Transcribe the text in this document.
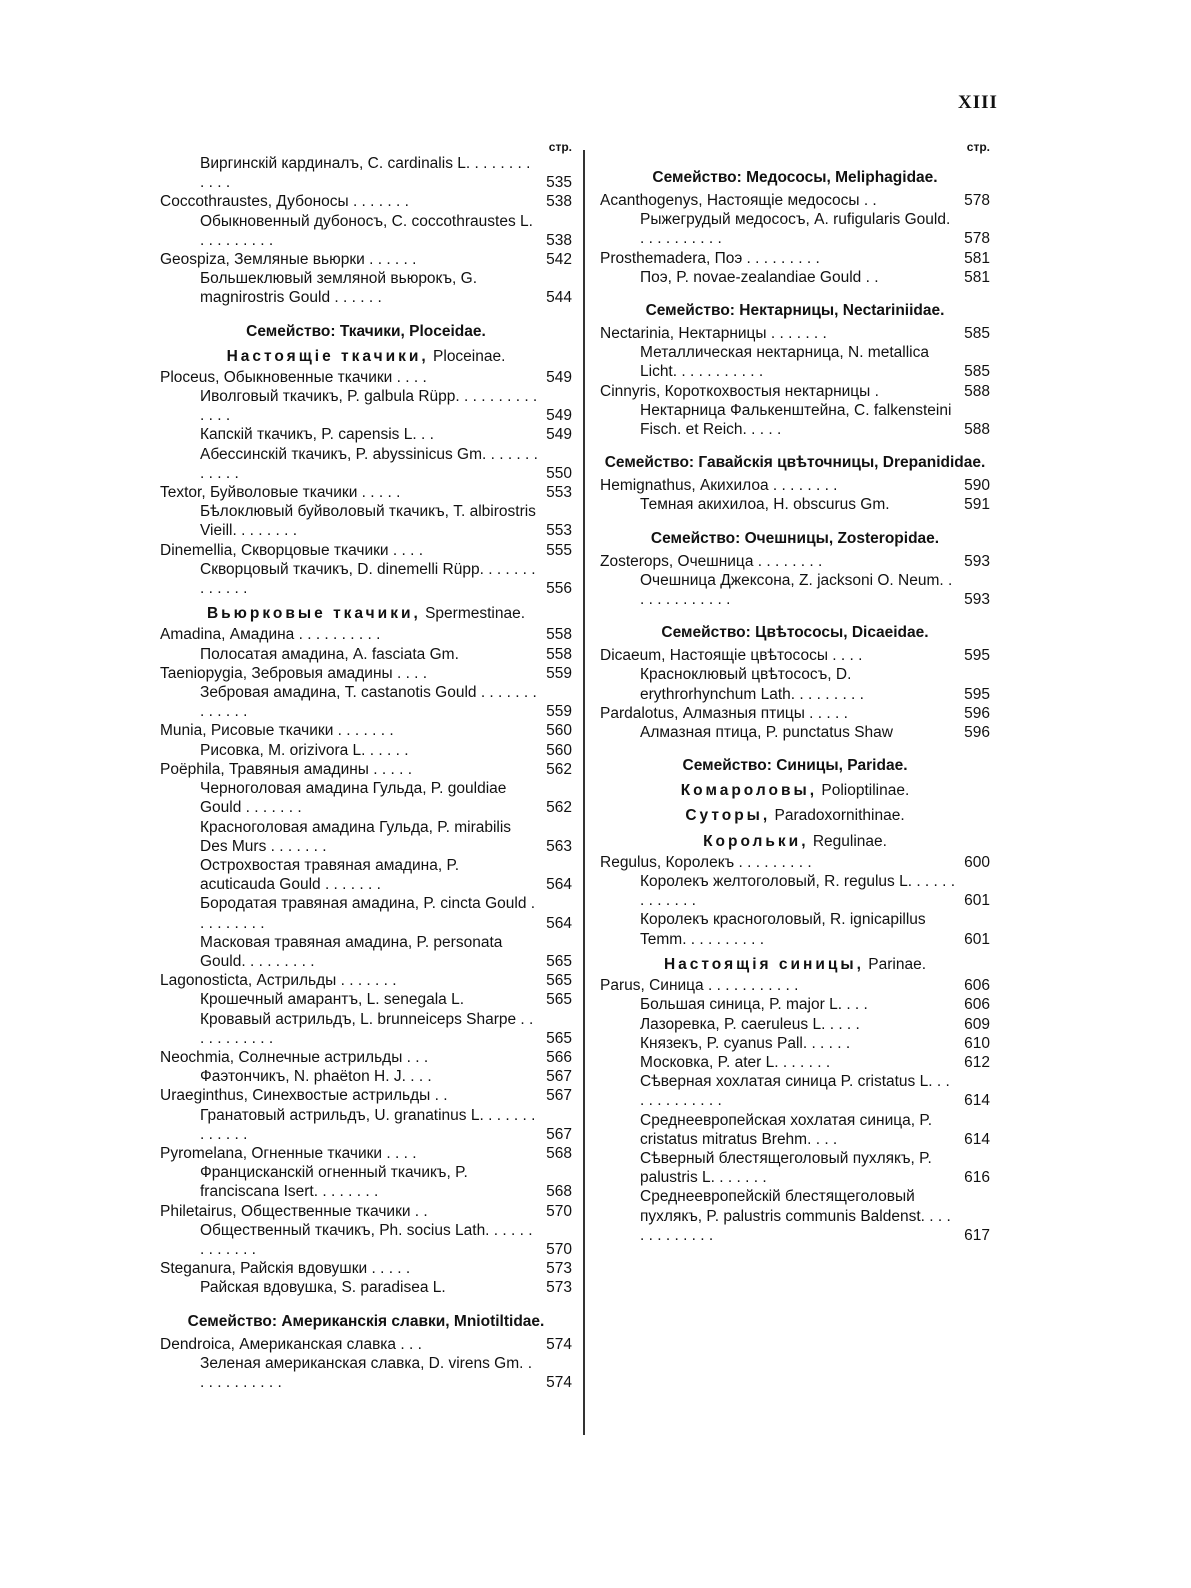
XIII
стр.
Виргинскій кардиналъ, C. cardinalis L. . . . . . . . . . . .	535
Coccothraustes, Дубоносы . . . . . . .	538
Обыкновенный дубоносъ, C. coccothraustes L. . . . . . . . . .	538
Geospiza, Земляные вьюрки . . . . . .	542
Большеклювый земляной вьюрокъ, G. magnirostris Gould . . . . . .	544
Семейство: Ткачики, Ploceidae.
Настоящіе ткачики, Ploceinae.
Ploceus, Обыкновенные ткачики . . . .	549
Иволговый ткачикъ, P. galbula Rüpp. . . . . . . . . . . . . .	549
Капскій ткачикъ, P. capensis L. . .	549
Абессинскій ткачикъ, P. abyssinicus Gm. . . . . . . . . . . .	550
Textor, Буйволовые ткачики . . . . .	553
Бѣлоклювый буйволовый ткачикъ, T. albirostris Vieill. . . . . . . .	553
Dinemellia, Скворцовые ткачики . . . .	555
Скворцовый ткачикъ, D. dinemelli Rüpp. . . . . . . . . . . . .	556
Вьюрковые ткачики, Spermestinae.
Amadina, Амадина . . . . . . . . . .	558
Полосатая амадина, A. fasciata Gm.	558
Taeniopygia, Зебровыя амадины . . . .	559
Зебровая амадина, T. castanotis Gould . . . . . . . . . . . . .	559
Munia, Рисовые ткачики . . . . . . .	560
Рисовка, M. orizivora L. . . . . .	560
Poëphila, Травяныя амадины . . . . .	562
Черноголовая амадина Гульда, P. gouldiae Gould . . . . . . .	562
Красноголовая амадина Гульда, P. mirabilis Des Murs . . . . . . .	563
Острохвостая травяная амадина, P. acuticauda Gould . . . . . . .	564
Бородатая травяная амадина, P. cincta Gould . . . . . . . . .	564
Масковая травяная амадина, P. personata Gould. . . . . . . . .	565
Lagonosticta, Астрильды . . . . . . .	565
Крошечный амарантъ, L. senegala L.	565
Кровавый астрильдъ, L. brunneiceps Sharpe . . . . . . . . . . .	565
Neochmia, Солнечные астрильды . . .	566
Фаэтончикъ, N. phaëton H. J. . . .	567
Uraeginthus, Синехвостые астрильды . .	567
Гранатовый астрильдъ, U. granatinus L. . . . . . . . . . . . .	567
Pyromelana, Огненные ткачики . . . .	568
Францисканскій огненный ткачикъ, P. franciscana Isert. . . . . . . .	568
Philetairus, Общественные ткачики . .	570
Общественный ткачикъ, Ph. socius Lath. . . . . . . . . . . . .	570
Steganura, Райскія вдовушки . . . . .	573
Райская вдовушка, S. paradisea L.	573
Семейство: Американскія славки, Mniotiltidae.
Dendroica, Американская славка . . .	574
Зеленая американская славка, D. virens Gm. . . . . . . . . . . .	574
стр.
Семейство: Медососы, Meliphagidae.
Acanthogenys, Настоящіе медососы . .	578
Рыжегрудый медососъ, A. rufigularis Gould. . . . . . . . . . .	578
Prosthemadera, Поэ . . . . . . . . .	581
Поэ, P. novae-zealandiae Gould . .	581
Семейство: Нектарницы, Nectariniidae.
Nectarinia, Нектарницы . . . . . . .	585
Металлическая нектарница, N. metallica Licht. . . . . . . . . . .	585
Cinnyris, Короткохвостыя нектарницы .	588
Нектарница Фалькенштейна, C. falkensteini Fisch. et Reich. . . . .	588
Семейство: Гавайскія цвѣточницы, Drepanididae.
Hemignathus, Акихилоа . . . . . . . .	590
Темная акихилоа, H. obscurus Gm.	591
Семейство: Очешницы, Zosteropidae.
Zosterops, Очешница . . . . . . . .	593
Очешница Джексона, Z. jacksoni O. Neum. . . . . . . . . . . . .	593
Семейство: Цвѣтососы, Dicaeidae.
Dicaeum, Настоящіе цвѣтососы . . . .	595
Красноклювый цвѣтососъ, D. erythrorhynchum Lath. . . . . . . . .	595
Pardalotus, Алмазныя птицы . . . . .	596
Алмазная птица, P. punctatus Shaw	596
Семейство: Синицы, Paridae.
Комароловы, Polioptilinae.
Суторы, Paradoxornithinae.
Корольки, Regulinae.
Regulus, Королекъ . . . . . . . . .	600
Королекъ желтоголовый, R. regulus L. . . . . . . . . . . . .	601
Королекъ красноголовый, R. ignicapillus Temm. . . . . . . . . .	601
Настоящія синицы, Parinae.
Parus, Синица . . . . . . . . . . .	606
Большая синица, P. major L. . . .	606
Лазоревка, P. caeruleus L. . . . .	609
Князекъ, P. cyanus Pall. . . . . .	610
Московка, P. ater L. . . . . . .	612
Сѣверная хохлатая синица P. cristatus L. . . . . . . . . . . . .	614
Среднеевропейская хохлатая синица, P. cristatus mitratus Brehm. . . .	614
Сѣверный блестящеголовый пухлякъ, P. palustris L. . . . . . .	616
Среднеевропейскій блестящеголовый пухлякъ, P. palustris communis Baldenst. . . . . . . . . . . . .	617
